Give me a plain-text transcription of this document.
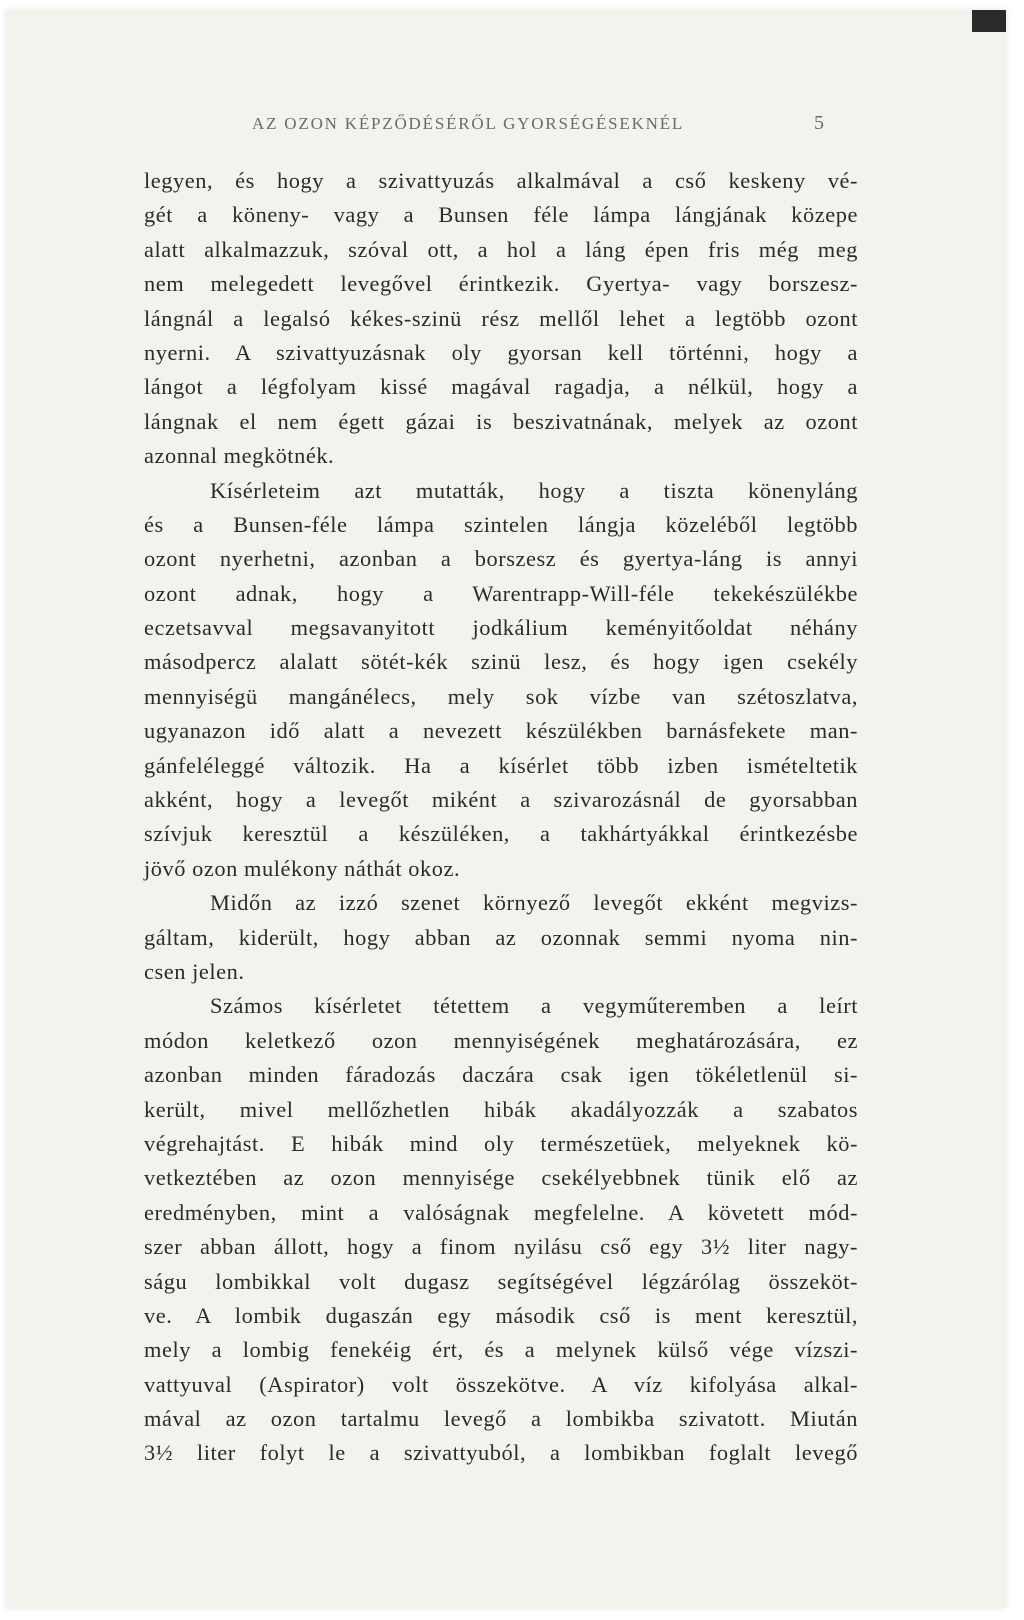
AZ OZON KÉPZŐDÉSÉRŐL GYORSÉGÉSEKNÉL	5
legyen, és hogy a szivattyuzás alkalmával a cső keskeny vé-
gét a köneny- vagy a Bunsen féle lámpa lángjának közepe
alatt alkalmazzuk, szóval ott, a hol a láng épen fris még meg
nem melegedett levegővel érintkezik. Gyertya- vagy borszesz-
lángnál a legalsó kékes-szinü rész mellől lehet a legtöbb ozont
nyerni. A szivattyuzásnak oly gyorsan kell történni, hogy a
lángot a légfolyam kissé magával ragadja, a nélkül, hogy a
lángnak el nem égett gázai is beszivatnának, melyek az ozont
azonnal megkötnék.
Kísérleteim azt mutatták, hogy a tiszta könenyláng
és a Bunsen-féle lámpa szintelen lángja közeléből legtöbb
ozont nyerhetni, azonban a borszesz és gyertya-láng is annyi
ozont adnak, hogy a Warentrapp-Will-féle tekekészülékbe
eczetsavval megsavanyitott jodkálium keményitőoldat néhány
másodpercz alalatt sötét-kék szinü lesz, és hogy igen csekély
mennyiségü mangánélecs, mely sok vízbe van szétoszlatva,
ugyanazon idő alatt a nevezett készülékben barnásfekete man-
gánfeléleggé változik. Ha a kísérlet több izben ismételtetik
akként, hogy a levegőt miként a szivarozásnál de gyorsabban
szívjuk keresztül a készüléken, a takhártyákkal érintkezésbe
jövő ozon mulékony náthát okoz.
Midőn az izzó szenet környező levegőt ekként megvizs-
gáltam, kiderült, hogy abban az ozonnak semmi nyoma nin-
csen jelen.
Számos kísérletet tétettem a vegyműteremben a leírt
módon keletkező ozon mennyiségének meghatározására, ez
azonban minden fáradozás daczára csak igen tökéletlenül si-
került, mivel mellőzhetlen hibák akadályozzák a szabatos
végrehajtást. E hibák mind oly természetüek, melyeknek kö-
vetkeztében az ozon mennyisége csekélyebbnek tünik elő az
eredményben, mint a valóságnak megfelelne. A követett mód-
szer abban állott, hogy a finom nyilásu cső egy 3½ liter nagy-
ságu lombikkal volt dugasz segítségével légzárólag összeköt-
ve. A lombik dugaszán egy második cső is ment keresztül,
mely a lombig fenekéig ért, és a melynek külső vége vízszi-
vattyuval (Aspirator) volt összekötve. A víz kifolyása alkal-
mával az ozon tartalmu levegő a lombikba szivatott. Miután
3½ liter folyt le a szivattyuból, a lombikban foglalt levegő
